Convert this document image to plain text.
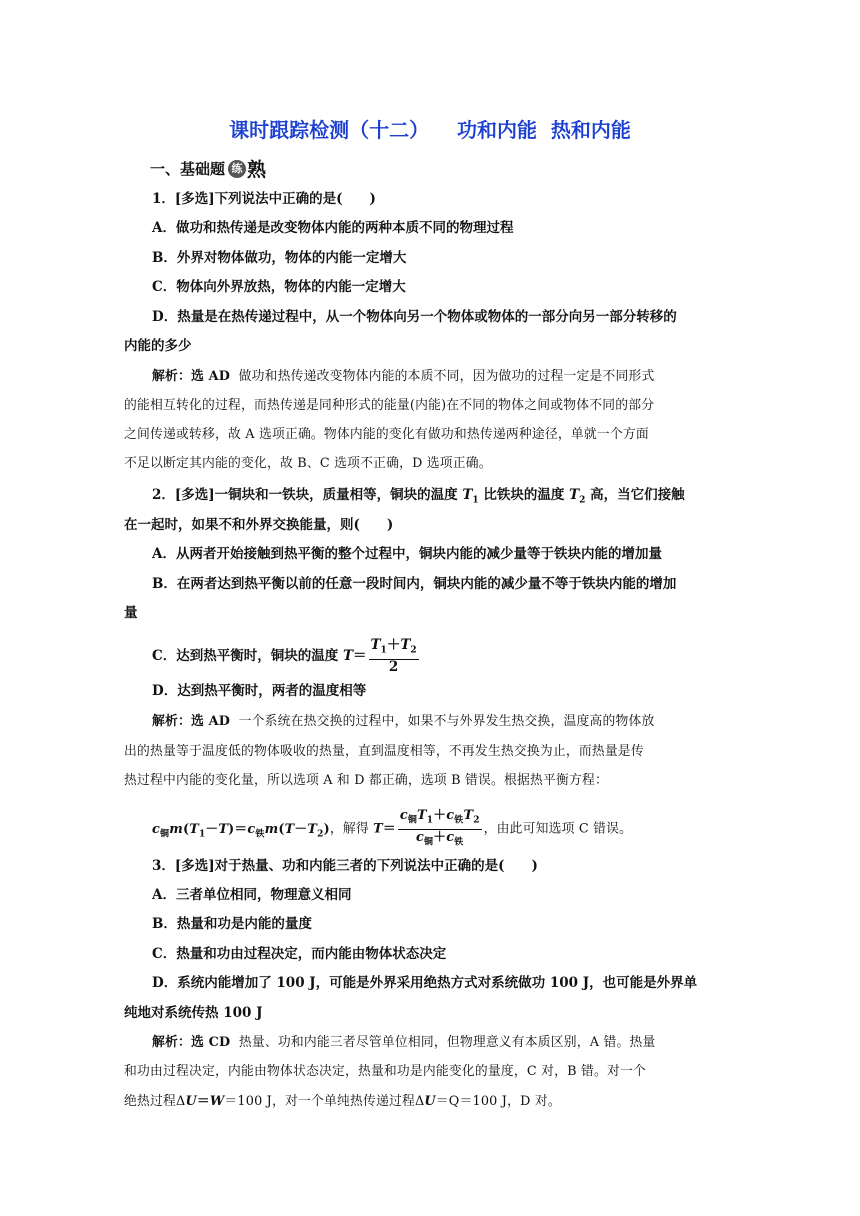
课时跟踪检测（十二）    功和内能  热和内能
一、基础题 练 熟
1．[多选]下列说法中正确的是(　　)
A．做功和热传递是改变物体内能的两种本质不同的物理过程
B．外界对物体做功，物体的内能一定增大
C．物体向外界放热，物体的内能一定增大
D．热量是在热传递过程中，从一个物体向另一个物体或物体的一部分向另一部分转移的
内能的多少
解析：选 AD 做功和热传递改变物体内能的本质不同，因为做功的过程一定是不同形式
的能相互转化的过程，而热传递是同种形式的能量(内能)在不同的物体之间或物体不同的部分
之间传递或转移，故 A 选项正确。物体内能的变化有做功和热传递两种途径，单就一个方面
不足以断定其内能的变化，故 B、C 选项不正确，D 选项正确。
2．[多选]一铜块和一铁块，质量相等，铜块的温度 $T_1$ 比铁块的温度 $T_2$ 高，当它们接触
在一起时，如果不和外界交换能量，则(　　)
A．从两者开始接触到热平衡的整个过程中，铜块内能的减少量等于铁块内能的增加量
B．在两者达到热平衡以前的任意一段时间内，铜块内能的减少量不等于铁块内能的增加
量
C．达到热平衡时，铜块的温度 $T= \frac{T_1+T_2}{2}$
D．达到热平衡时，两者的温度相等
解析：选 AD 一个系统在热交换的过程中，如果不与外界发生热交换，温度高的物体放
出的热量等于温度低的物体吸收的热量，直到温度相等，不再发生热交换为止，而热量是传
热过程中内能的变化量，所以选项 A 和 D 都正确，选项 B 错误。根据热平衡方程：
$c_铜m(T_1-T)=c_铁m(T-T_2)$，解得 $T= \frac{c_铜T_1+c_铁T_2}{c_铜+c_铁}$ ，由此可知选项 C 错误。
3．[多选]对于热量、功和内能三者的下列说法中正确的是(　　)
A．三者单位相同，物理意义相同
B．热量和功是内能的量度
C．热量和功由过程决定，而内能由物体状态决定
D．系统内能增加了 100 J，可能是外界采用绝热方式对系统做功 100 J，也可能是外界单
纯地对系统传热 100 J
解析：选 CD 热量、功和内能三者尽管单位相同，但物理意义有本质区别，A 错。热量
和功由过程决定，内能由物体状态决定，热量和功是内能变化的量度，C 对，B 错。对一个
绝热过程ΔU＝W＝100 J，对一个单纯热传递过程ΔU＝Q＝100 J，D 对。
